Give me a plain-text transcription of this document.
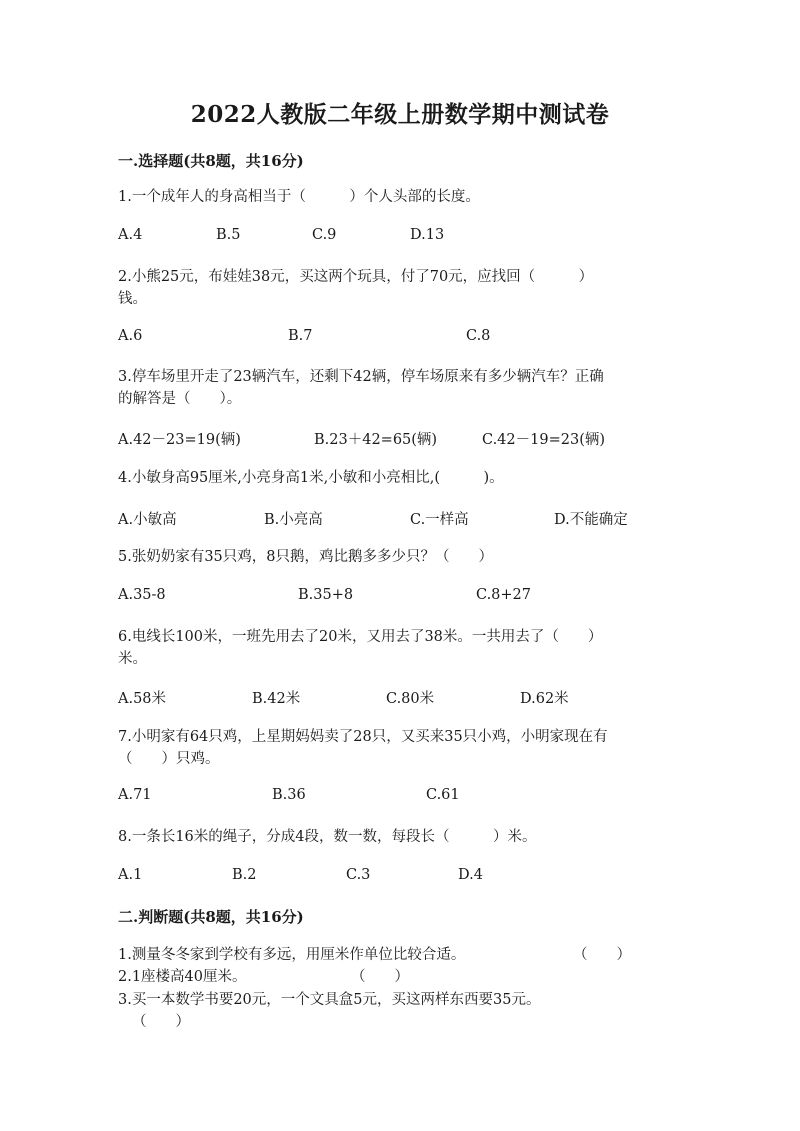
2022人教版二年级上册数学期中测试卷
一.选择题(共8题，共16分)
1.一个成年人的身高相当于（　　　）个人头部的长度。
A.4	B.5	C.9	D.13
2.小熊25元，布娃娃38元，买这两个玩具，付了70元，应找回（　　　）
钱。
A.6	B.7	C.8
3.停车场里开走了23辆汽车，还剩下42辆，停车场原来有多少辆汽车？正确
的解答是（　　）。
A.42－23=19(辆)	B.23＋42=65(辆)	C.42－19=23(辆)
4.小敏身高95厘米,小亮身高1米,小敏和小亮相比,(　　　)。
A.小敏高	B.小亮高	C.一样高	D.不能确定
5.张奶奶家有35只鸡，8只鹅，鸡比鹅多多少只？（　　）
A.35-8	B.35+8	C.8+27
6.电线长100米，一班先用去了20米，又用去了38米。一共用去了（　　）
米。
A.58米	B.42米	C.80米	D.62米
7.小明家有64只鸡，上星期妈妈卖了28只，又买来35只小鸡，小明家现在有
（　　）只鸡。
A.71	B.36	C.61
8.一条长16米的绳子，分成4段，数一数，每段长（　　　）米。
A.1	B.2	C.3	D.4
二.判断题(共8题，共16分)
1.测量冬冬家到学校有多远，用厘米作单位比较合适。	（　　）
2.1座楼高40厘米。	（　　）
3.买一本数学书要20元，一个文具盒5元，买这两样东西要35元。
（　　）
